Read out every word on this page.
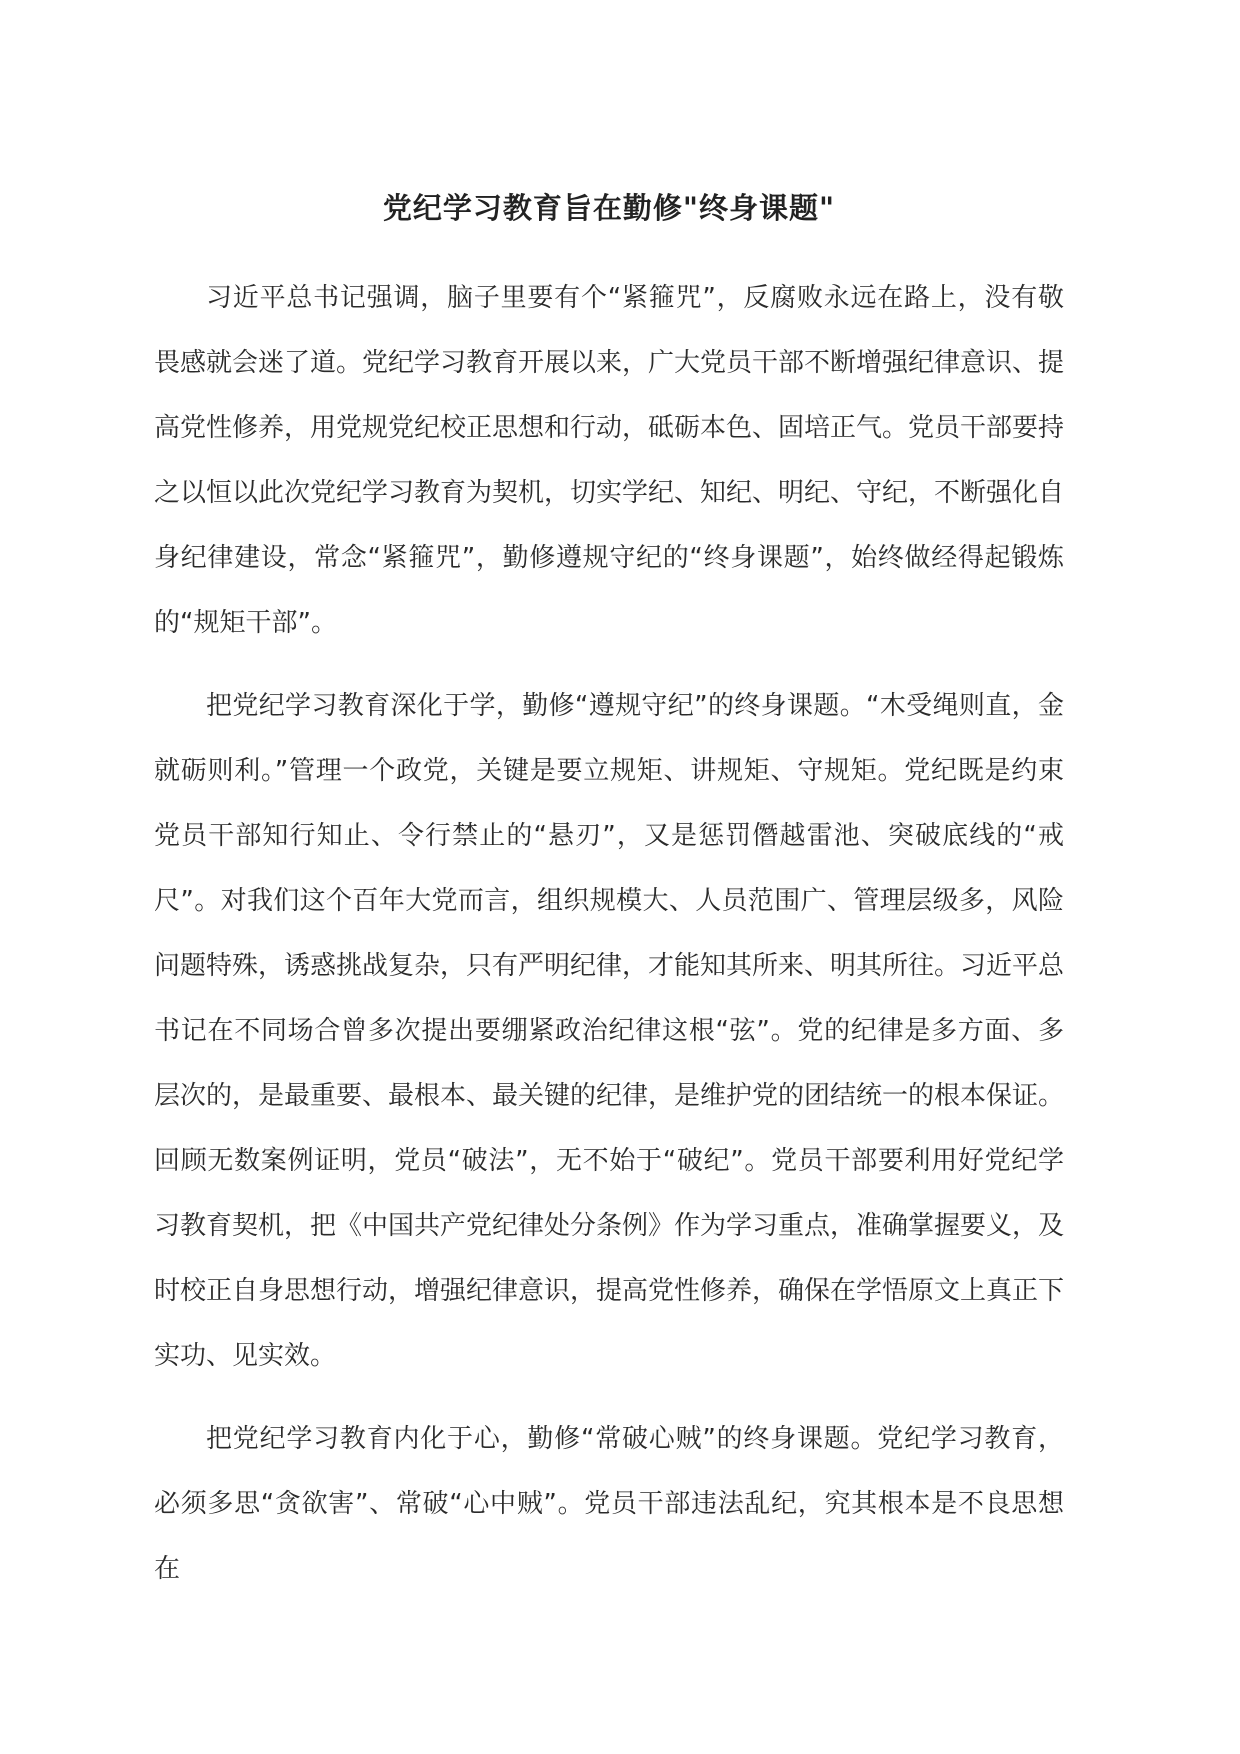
党纪学习教育旨在勤修"终身课题"

习近平总书记强调，脑子里要有个“紧箍咒”，反腐败永远在路上，没有敬畏感就会迷了道。党纪学习教育开展以来，广大党员干部不断增强纪律意识、提高党性修养，用党规党纪校正思想和行动，砥砺本色、固培正气。党员干部要持之以恒以此次党纪学习教育为契机，切实学纪、知纪、明纪、守纪，不断强化自身纪律建设，常念“紧箍咒”，勤修遵规守纪的“终身课题”，始终做经得起锻炼的“规矩干部”。

把党纪学习教育深化于学，勤修“遵规守纪”的终身课题。“木受绳则直，金就砺则利。”管理一个政党，关键是要立规矩、讲规矩、守规矩。党纪既是约束党员干部知行知止、令行禁止的“悬刃”，又是惩罚僭越雷池、突破底线的“戒尺”。对我们这个百年大党而言，组织规模大、人员范围广、管理层级多，风险问题特殊，诱惑挑战复杂，只有严明纪律，才能知其所来、明其所往。习近平总书记在不同场合曾多次提出要绷紧政治纪律这根“弦”。党的纪律是多方面、多层次的，是最重要、最根本、最关键的纪律，是维护党的团结统一的根本保证。回顾无数案例证明，党员“破法”，无不始于“破纪”。党员干部要利用好党纪学习教育契机，把《中国共产党纪律处分条例》作为学习重点，准确掌握要义，及时校正自身思想行动，增强纪律意识，提高党性修养，确保在学悟原文上真正下实功、见实效。

把党纪学习教育内化于心，勤修“常破心贼”的终身课题。党纪学习教育，必须多思“贪欲害”、常破“心中贼”。党员干部违法乱纪，究其根本是不良思想在
